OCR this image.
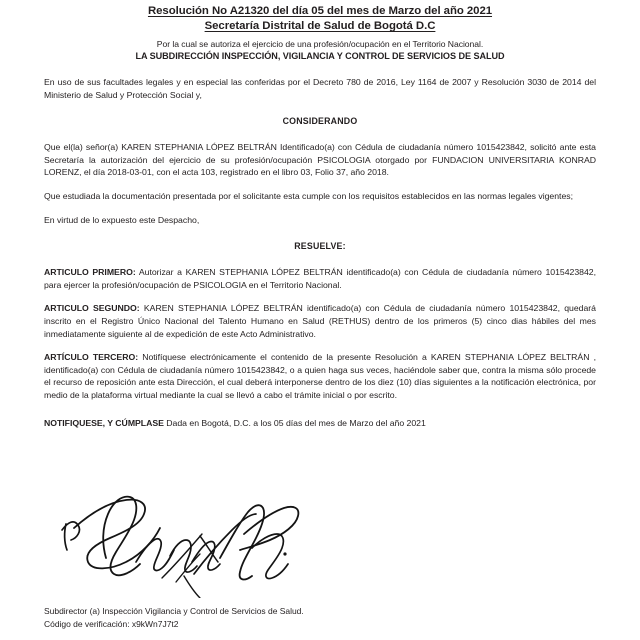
Resolución No A21320 del día 05 del mes de Marzo del año 2021
Secretaría Distrital de Salud de Bogotá D.C
Por la cual se autoriza el ejercicio de una profesión/ocupación en el Territorio Nacional.
LA SUBDIRECCIÓN INSPECCIÓN, VIGILANCIA Y CONTROL DE SERVICIOS DE SALUD

En uso de sus facultades legales y en especial las conferidas por el Decreto 780 de 2016, Ley 1164 de 2007 y Resolución 3030 de 2014 del Ministerio de Salud y Protección Social y,

CONSIDERANDO

Que el(la) señor(a) KAREN STEPHANIA LÓPEZ BELTRÁN Identificado(a) con Cédula de ciudadanía número 1015423842, solicitó ante esta Secretaría la autorización del ejercicio de su profesión/ocupación PSICOLOGIA otorgado por FUNDACION UNIVERSITARIA KONRAD LORENZ, el día 2018-03-01, con el acta 103, registrado en el libro 03, Folio 37, año 2018.

Que estudiada la documentación presentada por el solicitante esta cumple con los requisitos establecidos en las normas legales vigentes;

En virtud de lo expuesto este Despacho,

RESUELVE:

ARTICULO PRIMERO: Autorizar a KAREN STEPHANIA LÓPEZ BELTRÁN identificado(a) con Cédula de ciudadanía número 1015423842, para ejercer la profesión/ocupación de PSICOLOGIA en el Territorio Nacional.

ARTICULO SEGUNDO: KAREN STEPHANIA LÓPEZ BELTRÁN identificado(a) con Cédula de ciudadanía número 1015423842, quedará inscrito en el Registro Único Nacional del Talento Humano en Salud (RETHUS) dentro de los primeros (5) cinco dias hábiles del mes inmediatamente siguiente al de expedición de este Acto Administrativo.

ARTÍCULO TERCERO: Notifíquese electrónicamente el contenido de la presente Resolución a KAREN STEPHANIA LÓPEZ BELTRÁN , identificado(a) con Cédula de ciudadanía número 1015423842, o a quien haga sus veces, haciéndole saber que, contra la misma sólo procede el recurso de reposición ante esta Dirección, el cual deberá interponerse dentro de los diez (10) días siguientes a la notificación electrónica, por medio de la plataforma virtual mediante la cual se llevó a cabo el trámite inicial o por escrito.

NOTIFIQUESE, Y CÚMPLASE Dada en Bogotá, D.C. a los 05 días del mes de Marzo del año 2021

Subdirector (a) Inspección Vigilancia y Control de Servicios de Salud.
Código de verificación: x9kWn7J7t2
